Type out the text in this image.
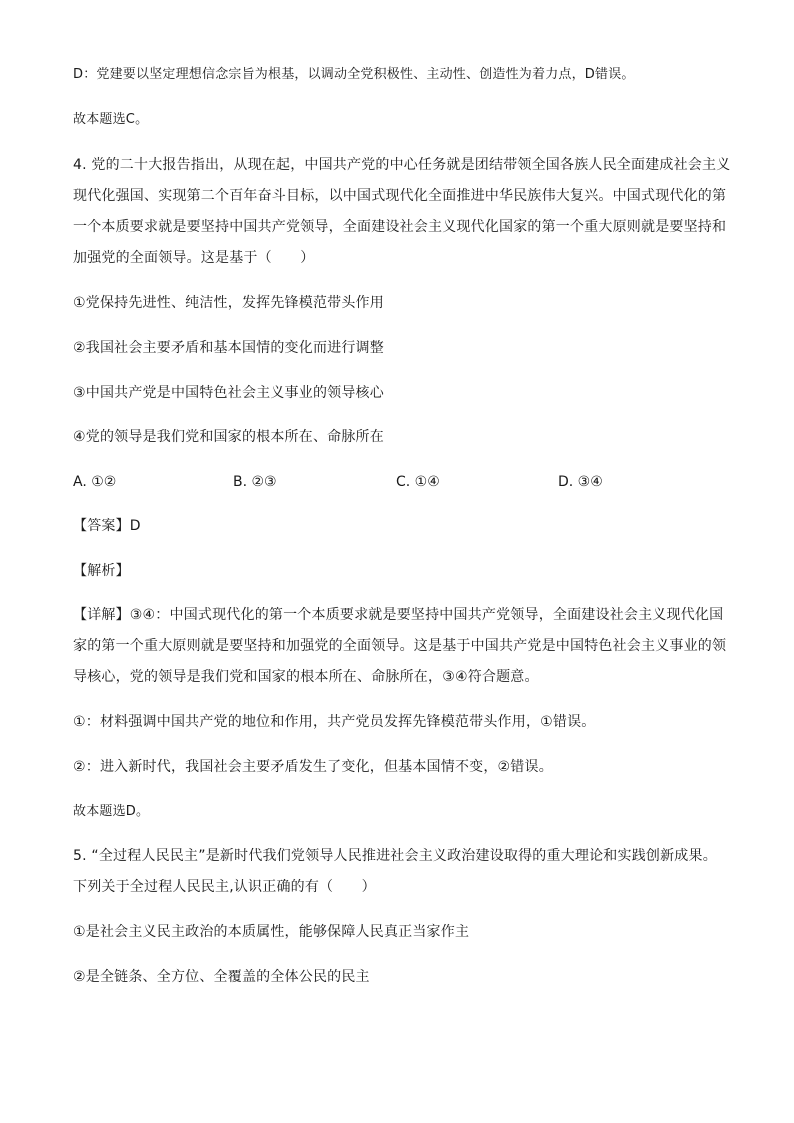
D：党建要以坚定理想信念宗旨为根基，以调动全党积极性、主动性、创造性为着力点，D错误。
故本题选C。
4. 党的二十大报告指出，从现在起，中国共产党的中心任务就是团结带领全国各族人民全面建成社会主义
现代化强国、实现第二个百年奋斗目标，以中国式现代化全面推进中华民族伟大复兴。中国式现代化的第
一个本质要求就是要坚持中国共产党领导，全面建设社会主义现代化国家的第一个重大原则就是要坚持和
加强党的全面领导。这是基于（　　）
①党保持先进性、纯洁性，发挥先锋模范带头作用
②我国社会主要矛盾和基本国情的变化而进行调整
③中国共产党是中国特色社会主义事业的领导核心
④党的领导是我们党和国家的根本所在、命脉所在
A. ①②	B. ②③	C. ①④	D. ③④
【答案】D
【解析】
【详解】③④：中国式现代化的第一个本质要求就是要坚持中国共产党领导，全面建设社会主义现代化国
家的第一个重大原则就是要坚持和加强党的全面领导。这是基于中国共产党是中国特色社会主义事业的领
导核心，党的领导是我们党和国家的根本所在、命脉所在，③④符合题意。
①：材料强调中国共产党的地位和作用，共产党员发挥先锋模范带头作用，①错误。
②：进入新时代，我国社会主要矛盾发生了变化，但基本国情不变，②错误。
故本题选D。
5. “全过程人民民主”是新时代我们党领导人民推进社会主义政治建设取得的重大理论和实践创新成果。
下列关于全过程人民民主,认识正确的有（　　）
①是社会主义民主政治的本质属性，能够保障人民真正当家作主
②是全链条、全方位、全覆盖的全体公民的民主
